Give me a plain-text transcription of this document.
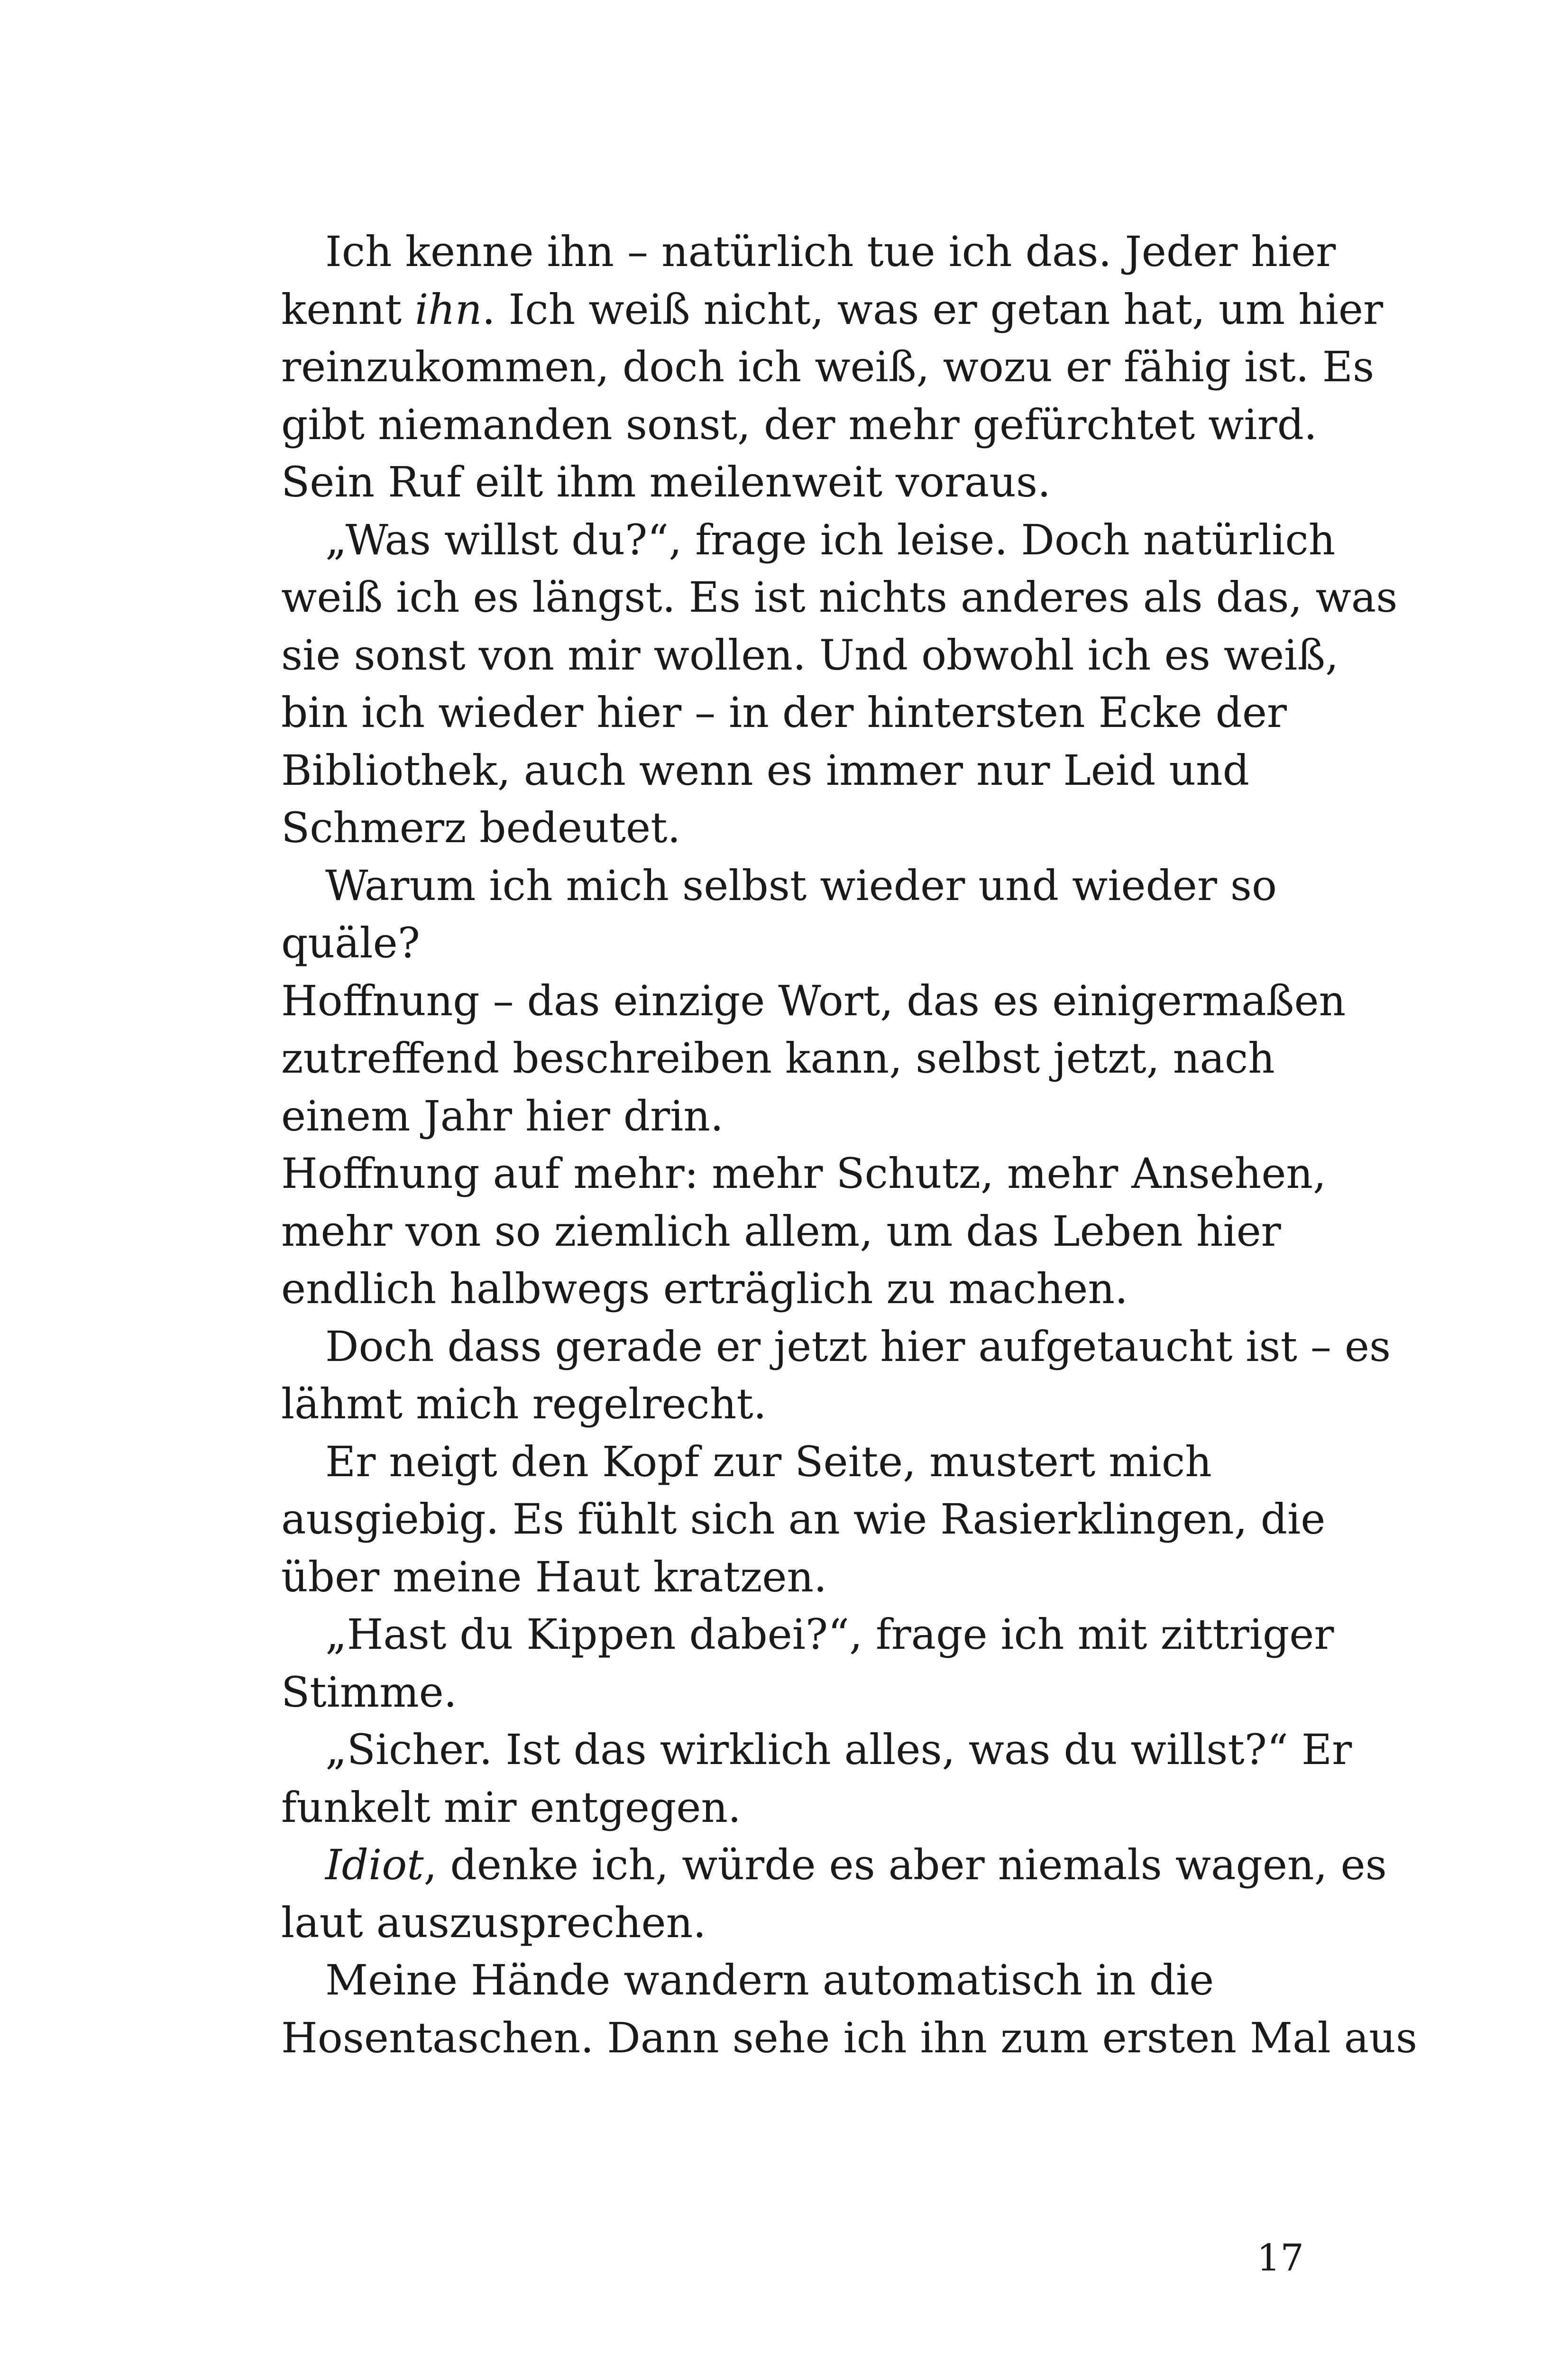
Ich kenne ihn – natürlich tue ich das. Jeder hier
kennt ihn. Ich weiß nicht, was er getan hat, um hier
reinzukommen, doch ich weiß, wozu er fähig ist. Es
gibt niemanden sonst, der mehr gefürchtet wird.
Sein Ruf eilt ihm meilenweit voraus.
„Was willst du?“, frage ich leise. Doch natürlich
weiß ich es längst. Es ist nichts anderes als das, was
sie sonst von mir wollen. Und obwohl ich es weiß,
bin ich wieder hier – in der hintersten Ecke der
Bibliothek, auch wenn es immer nur Leid und
Schmerz bedeutet.
Warum ich mich selbst wieder und wieder so
quäle?
Hoffnung – das einzige Wort, das es einigermaßen
zutreffend beschreiben kann, selbst jetzt, nach
einem Jahr hier drin.
Hoffnung auf mehr: mehr Schutz, mehr Ansehen,
mehr von so ziemlich allem, um das Leben hier
endlich halbwegs erträglich zu machen.
Doch dass gerade er jetzt hier aufgetaucht ist – es
lähmt mich regelrecht.
Er neigt den Kopf zur Seite, mustert mich
ausgiebig. Es fühlt sich an wie Rasierklingen, die
über meine Haut kratzen.
„Hast du Kippen dabei?“, frage ich mit zittriger
Stimme.
„Sicher. Ist das wirklich alles, was du willst?“ Er
funkelt mir entgegen.
Idiot, denke ich, würde es aber niemals wagen, es
laut auszusprechen.
Meine Hände wandern automatisch in die
Hosentaschen. Dann sehe ich ihn zum ersten Mal aus
17
